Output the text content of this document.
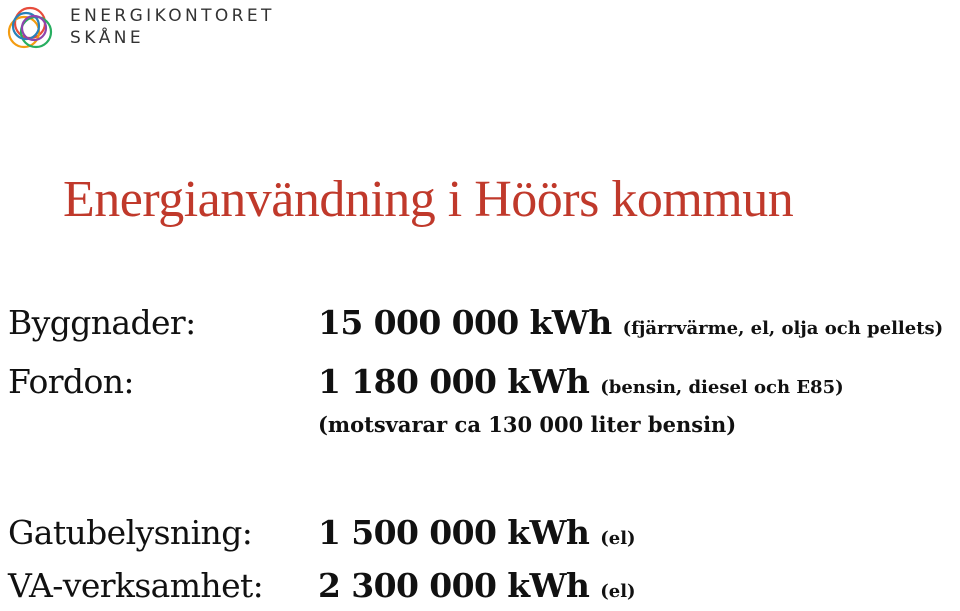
ENERGIKONTORET
SKÅNE
Energianvändning i Höörs kommun
Byggnader:	15 000 000 kWh (fjärrvärme, el, olja och pellets)
Fordon:	1 180 000 kWh (bensin, diesel och E85)
(motsvarar ca 130 000 liter bensin)
Gatubelysning: 1 500 000 kWh (el)
VA-verksamhet: 2 300 000 kWh (el)
